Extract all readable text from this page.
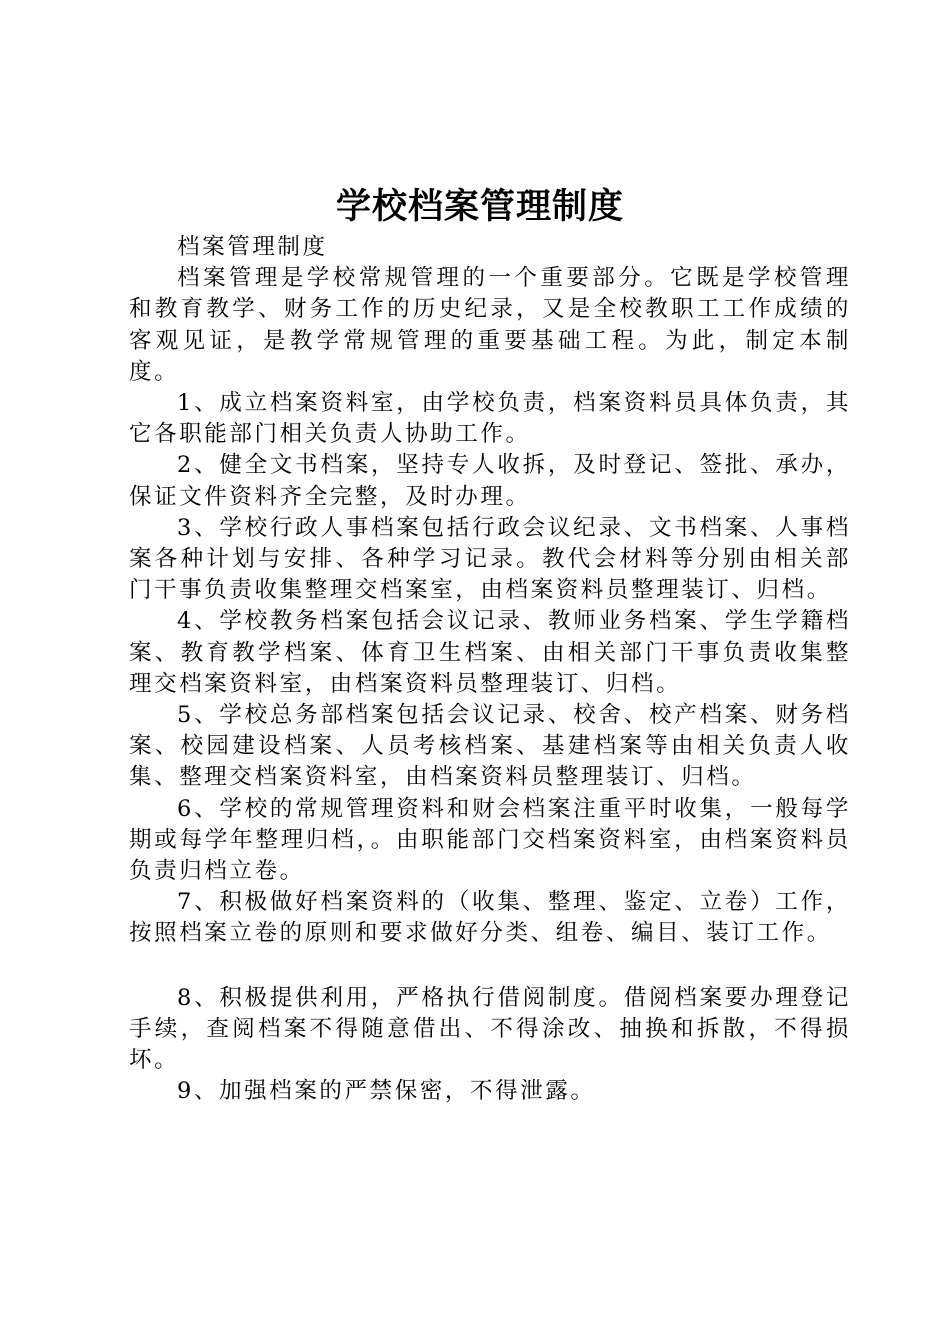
学校档案管理制度

档案管理制度

档案管理是学校常规管理的一个重要部分。它既是学校管理和教育教学、财务工作的历史纪录，又是全校教职工工作成绩的客观见证，是教学常规管理的重要基础工程。为此，制定本制度。

1、成立档案资料室，由学校负责，档案资料员具体负责，其它各职能部门相关负责人协助工作。

2、健全文书档案，坚持专人收拆，及时登记、签批、承办，保证文件资料齐全完整，及时办理。

3、学校行政人事档案包括行政会议纪录、文书档案、人事档案各种计划与安排、各种学习记录。教代会材料等分别由相关部门干事负责收集整理交档案室，由档案资料员整理装订、归档。

4、学校教务档案包括会议记录、教师业务档案、学生学籍档案、教育教学档案、体育卫生档案、由相关部门干事负责收集整理交档案资料室，由档案资料员整理装订、归档。

5、学校总务部档案包括会议记录、校舍、校产档案、财务档案、校园建设档案、人员考核档案、基建档案等由相关负责人收集、整理交档案资料室，由档案资料员整理装订、归档。

6、学校的常规管理资料和财会档案注重平时收集，一般每学期或每学年整理归档，。由职能部门交档案资料室，由档案资料员负责归档立卷。

7、积极做好档案资料的（收集、整理、鉴定、立卷）工作，按照档案立卷的原则和要求做好分类、组卷、编目、装订工作。

8、积极提供利用，严格执行借阅制度。借阅档案要办理登记手续，查阅档案不得随意借出、不得涂改、抽换和拆散，不得损坏。

9、加强档案的严禁保密，不得泄露。
